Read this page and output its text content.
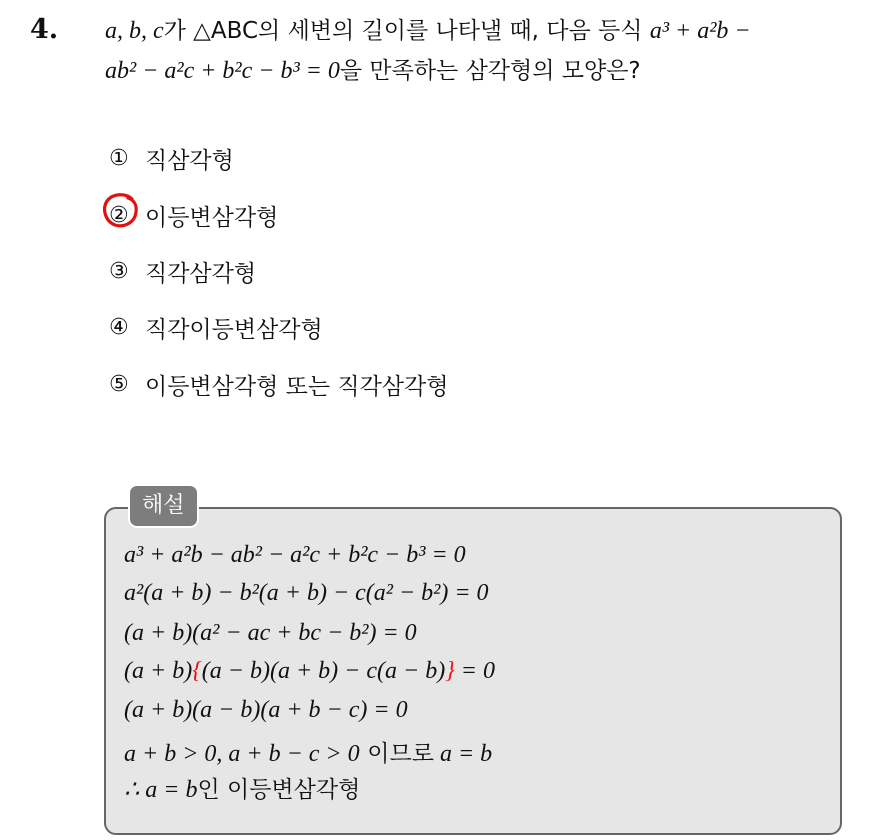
4. a, b, c가 △ABC의 세변의 길이를 나타낼 때, 다음 등식 a³ + a²b −
ab² − a²c + b²c − b³ = 0을 만족하는 삼각형의 모양은?
① 직삼각형
② 이등변삼각형
③ 직각삼각형
④ 직각이등변삼각형
⑤ 이등변삼각형 또는 직각삼각형
해설
a³ + a²b − ab² − a²c + b²c − b³ = 0
a²(a + b) − b²(a + b) − c(a² − b²) = 0
(a + b)(a² − ac + bc − b²) = 0
(a + b){(a − b)(a + b) − c(a − b)} = 0
(a + b)(a − b)(a + b − c) = 0
a + b > 0, a + b − c > 0 이므로 a = b
∴ a = b인 이등변삼각형
